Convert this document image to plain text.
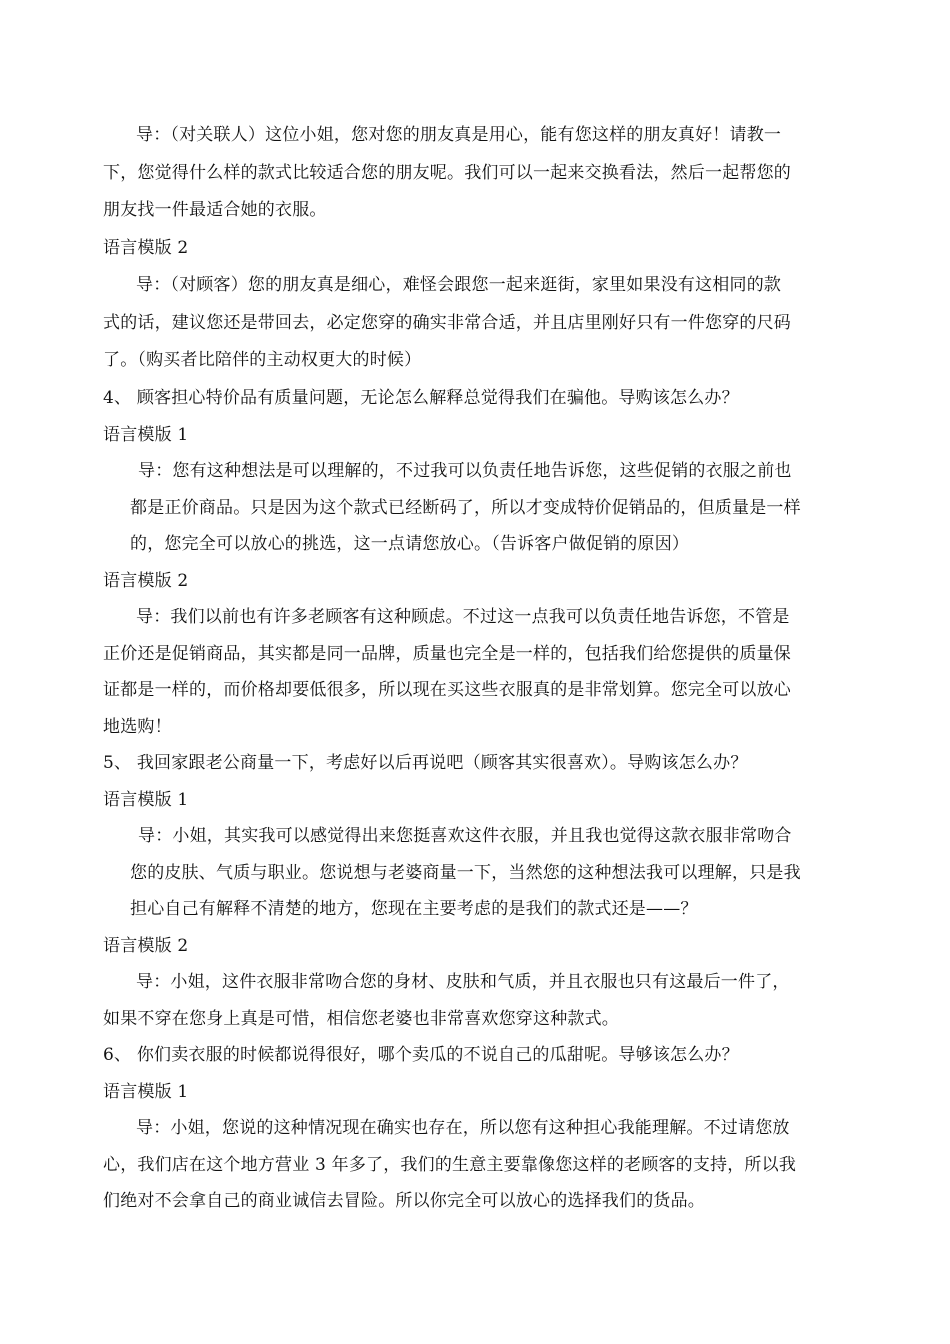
导：（对关联人）这位小姐，您对您的朋友真是用心，能有您这样的朋友真好！请教一
下，您觉得什么样的款式比较适合您的朋友呢。我们可以一起来交换看法，然后一起帮您的
朋友找一件最适合她的衣服。
语言模版 2
导：（对顾客）您的朋友真是细心，难怪会跟您一起来逛街，家里如果没有这相同的款
式的话，建议您还是带回去，必定您穿的确实非常合适，并且店里刚好只有一件您穿的尺码
了。（购买者比陪伴的主动权更大的时候）
4、 顾客担心特价品有质量问题，无论怎么解释总觉得我们在骗他。导购该怎么办？
语言模版 1
导：您有这种想法是可以理解的，不过我可以负责任地告诉您，这些促销的衣服之前也
都是正价商品。只是因为这个款式已经断码了，所以才变成特价促销品的，但质量是一样
的，您完全可以放心的挑选，这一点请您放心。（告诉客户做促销的原因）
语言模版 2
导：我们以前也有许多老顾客有这种顾虑。不过这一点我可以负责任地告诉您，不管是
正价还是促销商品，其实都是同一品牌，质量也完全是一样的，包括我们给您提供的质量保
证都是一样的，而价格却要低很多，所以现在买这些衣服真的是非常划算。您完全可以放心
地选购！
5、 我回家跟老公商量一下，考虑好以后再说吧（顾客其实很喜欢）。导购该怎么办？
语言模版 1
导：小姐，其实我可以感觉得出来您挺喜欢这件衣服，并且我也觉得这款衣服非常吻合
您的皮肤、气质与职业。您说想与老婆商量一下，当然您的这种想法我可以理解，只是我
担心自己有解释不清楚的地方，您现在主要考虑的是我们的款式还是——？
语言模版 2
导：小姐，这件衣服非常吻合您的身材、皮肤和气质，并且衣服也只有这最后一件了，
如果不穿在您身上真是可惜，相信您老婆也非常喜欢您穿这种款式。
6、 你们卖衣服的时候都说得很好，哪个卖瓜的不说自己的瓜甜呢。导够该怎么办？
语言模版 1
导：小姐，您说的这种情况现在确实也存在，所以您有这种担心我能理解。不过请您放
心，我们店在这个地方营业 3 年多了，我们的生意主要靠像您这样的老顾客的支持，所以我
们绝对不会拿自己的商业诚信去冒险。所以你完全可以放心的选择我们的货品。
